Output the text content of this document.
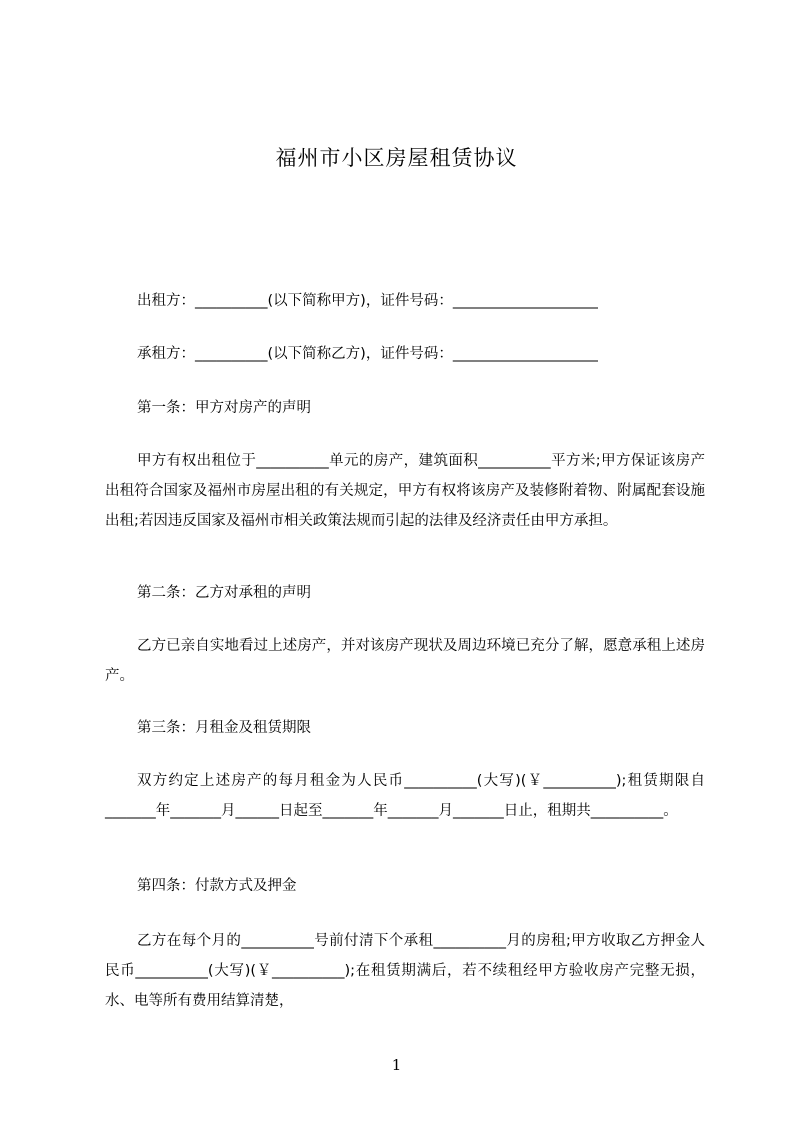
福州市小区房屋租赁协议
出租方：__________(以下简称甲方)，证件号码：____________________
承租方：__________(以下简称乙方)，证件号码：____________________
第一条：甲方对房产的声明
甲方有权出租位于__________单元的房产，建筑面积__________平方米;甲方保证该房产出租符合国家及福州市房屋出租的有关规定，甲方有权将该房产及装修附着物、附属配套设施出租;若因违反国家及福州市相关政策法规而引起的法律及经济责任由甲方承担。
第二条：乙方对承租的声明
乙方已亲自实地看过上述房产，并对该房产现状及周边环境已充分了解，愿意承租上述房产。
第三条：月租金及租赁期限
双方约定上述房产的每月租金为人民币__________(大写)(￥__________);租赁期限自_______年_______月______日起至_______年_______月_______日止，租期共__________。
第四条：付款方式及押金
乙方在每个月的__________号前付清下个承租__________月的房租;甲方收取乙方押金人民币__________(大写)(￥__________);在租赁期满后，若不续租经甲方验收房产完整无损，水、电等所有费用结算清楚，
1
